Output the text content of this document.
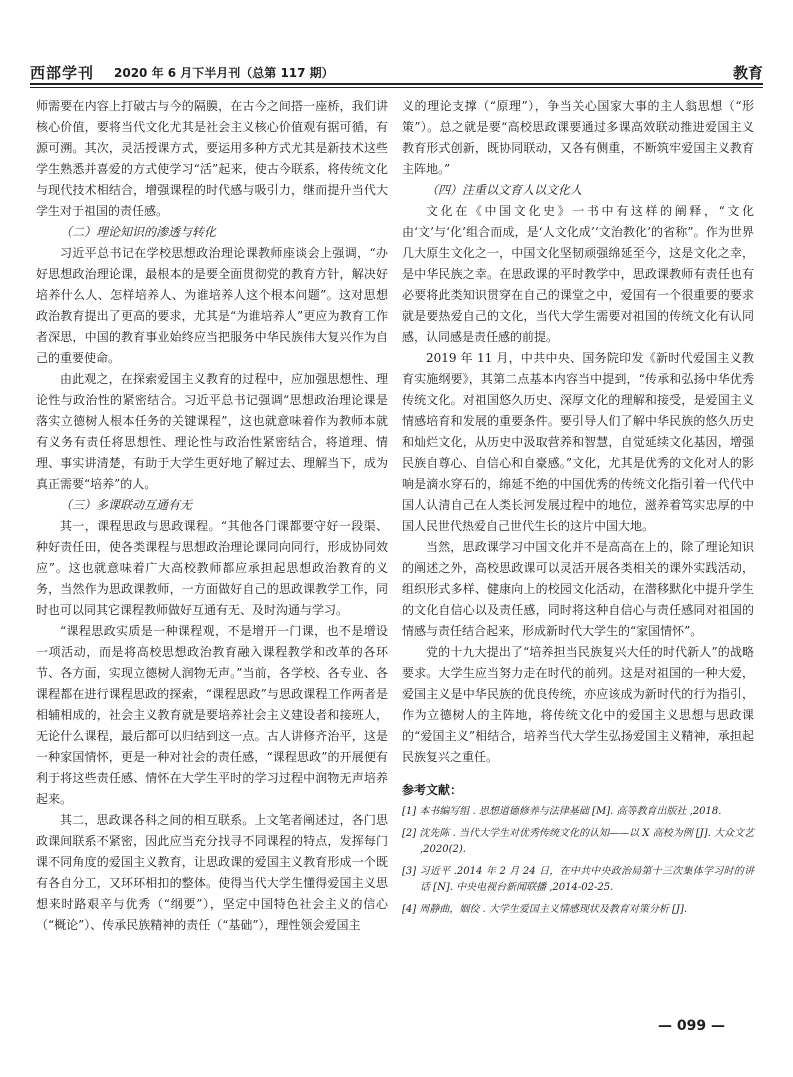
西部学刊 2020 年 6 月下半月刊（总第 117 期）	教育

师需要在内容上打破古与今的隔膜，在古今之间搭一座桥，我们讲核心价值，要将当代文化尤其是社会主义核心价值观有据可循，有源可溯。其次，灵活授课方式，要运用多种方式尤其是新技术这些学生熟悉并喜爱的方式使学习“活”起来，使古今联系，将传统文化与现代技术相结合，增强课程的时代感与吸引力，继而提升当代大学生对于祖国的责任感。

（二）理论知识的渗透与转化

习近平总书记在学校思想政治理论课教师座谈会上强调，“办好思想政治理论课，最根本的是要全面贯彻党的教育方针，解决好培养什么人、怎样培养人、为谁培养人这个根本问题”。这对思想政治教育提出了更高的要求，尤其是“为谁培养人”更应为教育工作者深思，中国的教育事业始终应当把服务中华民族伟大复兴作为自己的重要使命。

由此观之，在探索爱国主义教育的过程中，应加强思想性、理论性与政治性的紧密结合。习近平总书记强调“思想政治理论课是落实立德树人根本任务的关键课程”，这也就意味着作为教师本就有义务有责任将思想性、理论性与政治性紧密结合，将道理、情理、事实讲清楚，有助于大学生更好地了解过去、理解当下，成为真正需要“培养”的人。

（三）多课联动互通有无

其一，课程思政与思政课程。“其他各门课都要守好一段渠、种好责任田，使各类课程与思想政治理论课同向同行，形成协同效应”。这也就意味着广大高校教师都应承担起思想政治教育的义务，当然作为思政课教师，一方面做好自己的思政课教学工作，同时也可以同其它课程教师做好互通有无、及时沟通与学习。

“课程思政实质是一种课程观，不是增开一门课，也不是增设一项活动，而是将高校思想政治教育融入课程教学和改革的各环节、各方面，实现立德树人润物无声。”当前，各学校、各专业、各课程都在进行课程思政的探索，“课程思政”与思政课程工作两者是相辅相成的，社会主义教育就是要培养社会主义建设者和接班人，无论什么课程，最后都可以归结到这一点。古人讲修齐治平，这是一种家国情怀，更是一种对社会的责任感，“课程思政”的开展便有利于将这些责任感、情怀在大学生平时的学习过程中润物无声培养起来。

其二，思政课各科之间的相互联系。上文笔者阐述过，各门思政课间联系不紧密，因此应当充分找寻不同课程的特点，发挥每门课不同角度的爱国主义教育，让思政课的爱国主义教育形成一个既有各自分工，又环环相扣的整体。使得当代大学生懂得爱国主义思想来时路艰辛与优秀（“纲要”），坚定中国特色社会主义的信心（“概论”）、传承民族精神的责任（“基础”），理性领会爱国主

义的理论支撑（“原理”），争当关心国家大事的主人翁思想（“形策”）。总之就是要“高校思政课要通过多课高效联动推进爱国主义教育形式创新，既协同联动，又各有侧重，不断筑牢爱国主义教育主阵地。”

（四）注重以文育人以文化人

文化在《中国文化史》一书中有这样的阐释，“文化由‘文’与‘化’组合而成，是‘人文化成’‘文治教化’的省称”。作为世界几大原生文化之一，中国文化坚韧顽强绵延至今，这是文化之幸，是中华民族之幸。在思政课的平时教学中，思政课教师有责任也有必要将此类知识贯穿在自己的课堂之中，爱国有一个很重要的要求就是要热爱自己的文化，当代大学生需要对祖国的传统文化有认同感，认同感是责任感的前提。

2019 年 11 月，中共中央、国务院印发《新时代爱国主义教育实施纲要》，其第二点基本内容当中提到，“传承和弘扬中华优秀传统文化。对祖国悠久历史、深厚文化的理解和接受，是爱国主义情感培育和发展的重要条件。要引导人们了解中华民族的悠久历史和灿烂文化，从历史中汲取营养和智慧，自觉延续文化基因，增强民族自尊心、自信心和自豪感。”文化，尤其是优秀的文化对人的影响是滴水穿石的，绵延不绝的中国优秀的传统文化指引着一代代中国人认清自己在人类长河发展过程中的地位，滋养着笃实忠厚的中国人民世代热爱自己世代生长的这片中国大地。

当然，思政课学习中国文化并不是高高在上的，除了理论知识的阐述之外，高校思政课可以灵活开展各类相关的课外实践活动，组织形式多样、健康向上的校园文化活动，在潜移默化中提升学生的文化自信心以及责任感，同时将这种自信心与责任感同对祖国的情感与责任结合起来，形成新时代大学生的“家国情怀”。

党的十九大提出了“培养担当民族复兴大任的时代新人”的战略要求。大学生应当努力走在时代的前列。这是对祖国的一种大爱，爱国主义是中华民族的优良传统，亦应该成为新时代的行为指引，作为立德树人的主阵地，将传统文化中的爱国主义思想与思政课的“爱国主义”相结合，培养当代大学生弘扬爱国主义精神，承担起民族复兴之重任。

参考文献：
[1] 本书编写组 . 思想道德修养与法律基础 [M]. 高等教育出版社 ,2018.
[2] 沈先陈 . 当代大学生对优秀传统文化的认知——以 X 高校为例 [J]. 大众文艺 ,2020(2).
[3] 习近平 .2014 年 2 月 24 日，在中共中央政治局第十三次集体学习时的讲话 [N]. 中央电视台新闻联播 ,2014-02-25.
[4] 周静曲，姻佼 . 大学生爱国主义情感现状及教育对策分析 [J].
— 099 —
